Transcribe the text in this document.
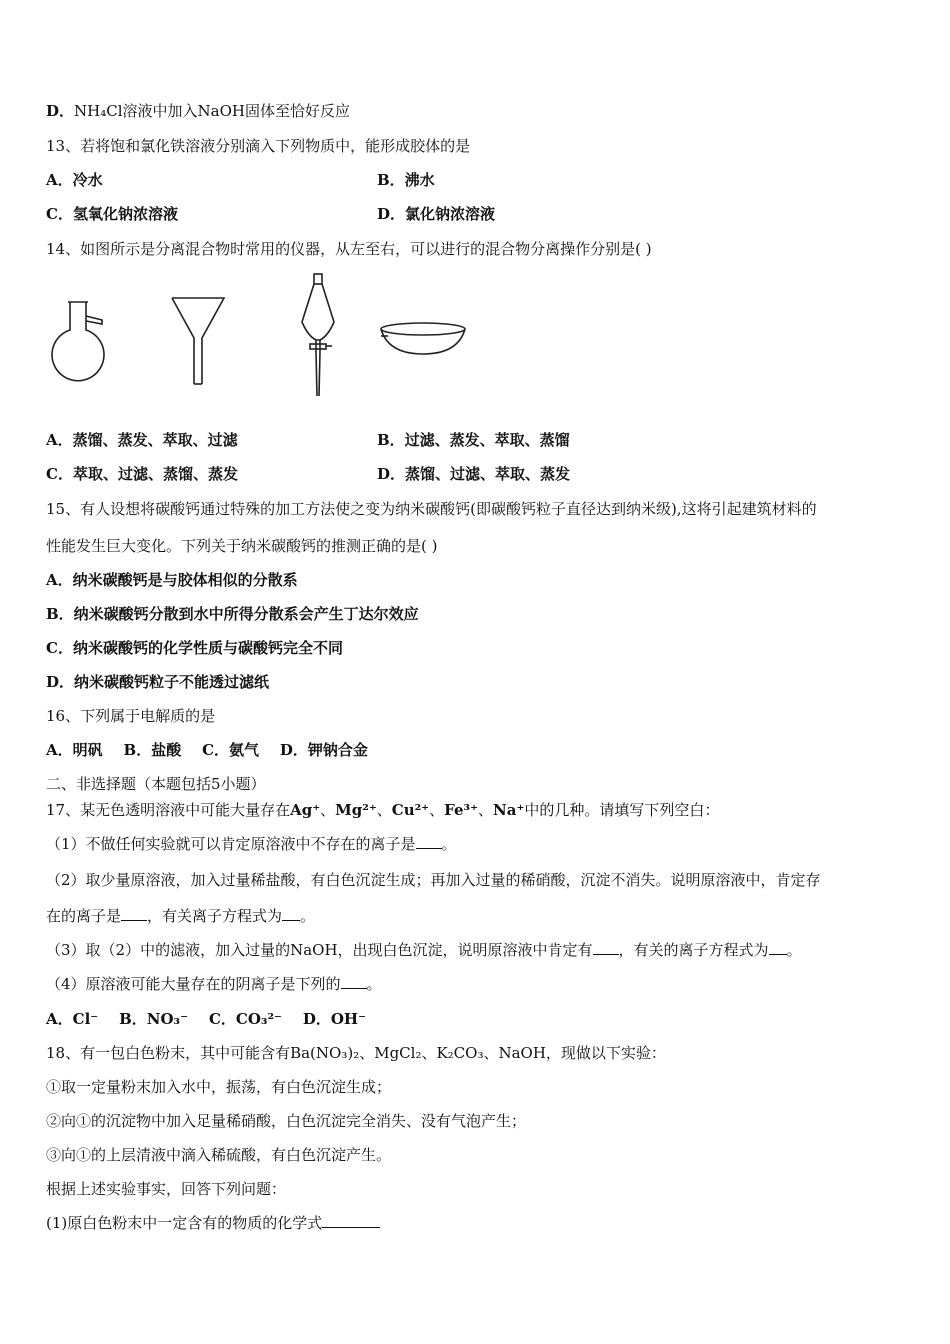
D．NH₄Cl溶液中加入NaOH固体至恰好反应
13、若将饱和氯化铁溶液分别滴入下列物质中，能形成胶体的是
A．冷水	B．沸水
C．氢氧化钠浓溶液	D．氯化钠浓溶液
14、如图所示是分离混合物时常用的仪器，从左至右，可以进行的混合物分离操作分别是( )
A．蒸馏、蒸发、萃取、过滤	B．过滤、蒸发、萃取、蒸馏
C．萃取、过滤、蒸馏、蒸发	D．蒸馏、过滤、萃取、蒸发
15、有人设想将碳酸钙通过特殊的加工方法使之变为纳米碳酸钙(即碳酸钙粒子直径达到纳米级),这将引起建筑材料的
性能发生巨大变化。下列关于纳米碳酸钙的推测正确的是( )
A．纳米碳酸钙是与胶体相似的分散系
B．纳米碳酸钙分散到水中所得分散系会产生丁达尔效应
C．纳米碳酸钙的化学性质与碳酸钙完全不同
D．纳米碳酸钙粒子不能透过滤纸
16、下列属于电解质的是
A．明矾    B．盐酸    C．氨气    D．钾钠合金
二、非选择题（本题包括5小题）
17、某无色透明溶液中可能大量存在Ag⁺、Mg²⁺、Cu²⁺、Fe³⁺、Na⁺中的几种。请填写下列空白：
（1）不做任何实验就可以肯定原溶液中不存在的离子是 。
（2）取少量原溶液，加入过量稀盐酸，有白色沉淀生成；再加入过量的稀硝酸，沉淀不消失。说明原溶液中，肯定存
在的离子是 ，有关离子方程式为 。
（3）取（2）中的滤液，加入过量的NaOH，出现白色沉淀，说明原溶液中肯定有 ，有关的离子方程式为 。
（4）原溶液可能大量存在的阴离子是下列的 。
A．Cl⁻ B．NO₃⁻ C．CO₃²⁻ D．OH⁻
18、有一包白色粉末，其中可能含有Ba(NO₃)₂、MgCl₂、K₂CO₃、NaOH，现做以下实验：
①取一定量粉末加入水中，振荡，有白色沉淀生成；
②向①的沉淀物中加入足量稀硝酸，白色沉淀完全消失、没有气泡产生；
③向①的上层清液中滴入稀硫酸，有白色沉淀产生。
根据上述实验事实，回答下列问题：
(1)原白色粉末中一定含有的物质的化学式
